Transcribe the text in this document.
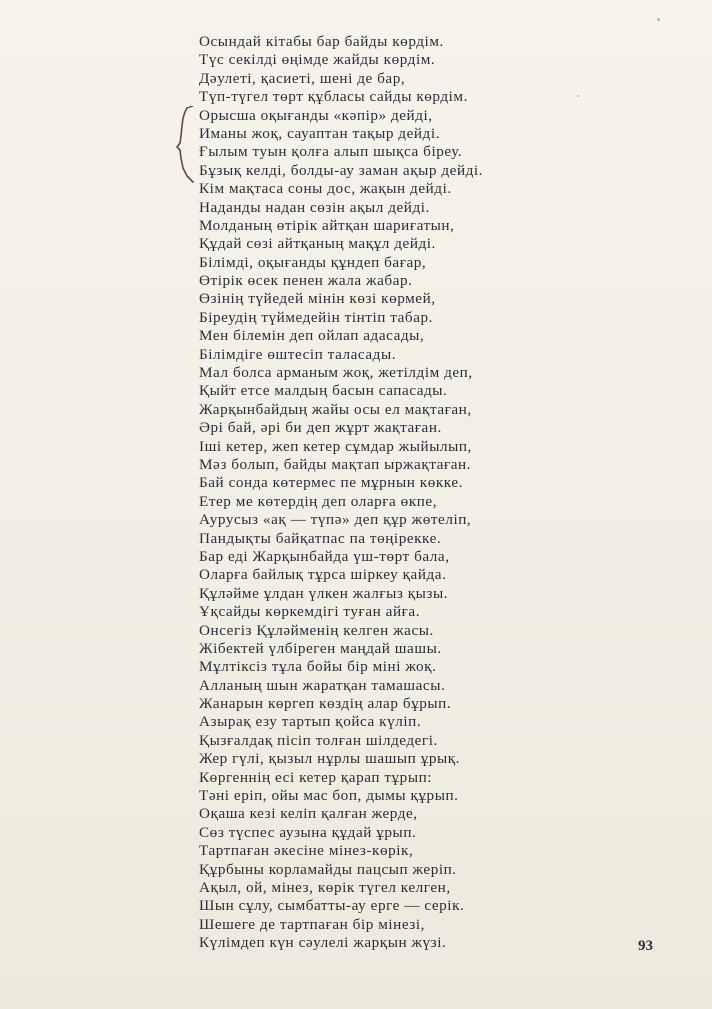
Осындай кітабы бар байды көрдім.
Түс секілді өңімде жайды көрдім.
Дәулеті, қасиеті, шені де бар,
Түп-түгел төрт құбласы сайды көрдім.
Орысша оқығанды «кәпір» дейді,
Иманы жоқ, сауаптан тақыр дейді.
Ғылым туын қолға алып шықса біреу.
Бұзық келді, болды-ау заман ақыр дейді.
Кім мақтаса соны дос, жақын дейді.
Наданды надан сөзін ақыл дейді.
Молданың өтірік айтқан шариғатын,
Құдай сөзі айтқаның мақұл дейді.
Білімді, оқығанды құндеп бағар,
Өтірік өсек пенен жала жабар.
Өзінің түйедей мінін көзі көрмей,
Біреудің түймедейін тінтіп табар.
Мен білемін деп ойлап адасады,
Білімдіге өштесіп таласады.
Мал болса арманым жоқ, жетілдім деп,
Қыйт етсе малдың басын сапасады.
Жарқынбайдың жайы осы ел мақтаған,
Әрі бай, әрі би деп жұрт жақтаған.
Іші кетер, жеп кетер сұмдар жыйылып,
Мәз болып, байды мақтап ыржақтаған.
Бай сонда көтермес пе мұрнын көкке.
Етер ме көтердің деп оларға өкпе,
Аурусыз «ақ — түпә» деп құр жөтеліп,
Пандықты байқатпас па төңірекке.
Бар еді Жарқынбайда үш-төрт бала,
Оларға байлық тұрса шіркеу қайда.
Құләйме ұлдан үлкен жалғыз қызы.
Ұқсайды көркемдігі туған айға.
Онсегіз Құләйменің келген жасы.
Жібектей үлбіреген маңдай шашы.
Мұлтіксіз тұла бойы бір міні жоқ.
Алланың шын жаратқан тамашасы.
Жанарын көргеп көздің алар бұрып.
Азырақ езу тартып қойса күліп.
Қызғалдақ пісіп толған шілдедегі.
Жер гүлі, қызыл нұрлы шашып ұрық.
Көргеннің есі кетер қарап тұрып:
Тәні еріп, ойы мас боп, дымы құрып.
Оқаша кезі келіп қалған жерде,
Сөз түспес аузына құдай ұрып.
Тартпаған әкесіне мінез-көрік,
Құрбыны корламайды пацсып жеріп.
Ақыл, ой, мінез, көрік түгел келген,
Шын сұлу, сымбатты-ау ерге — серік.
Шешеге де тартпаған бір мінезі,
Күлімдеп күн сәулелі жарқын жүзі.	93
